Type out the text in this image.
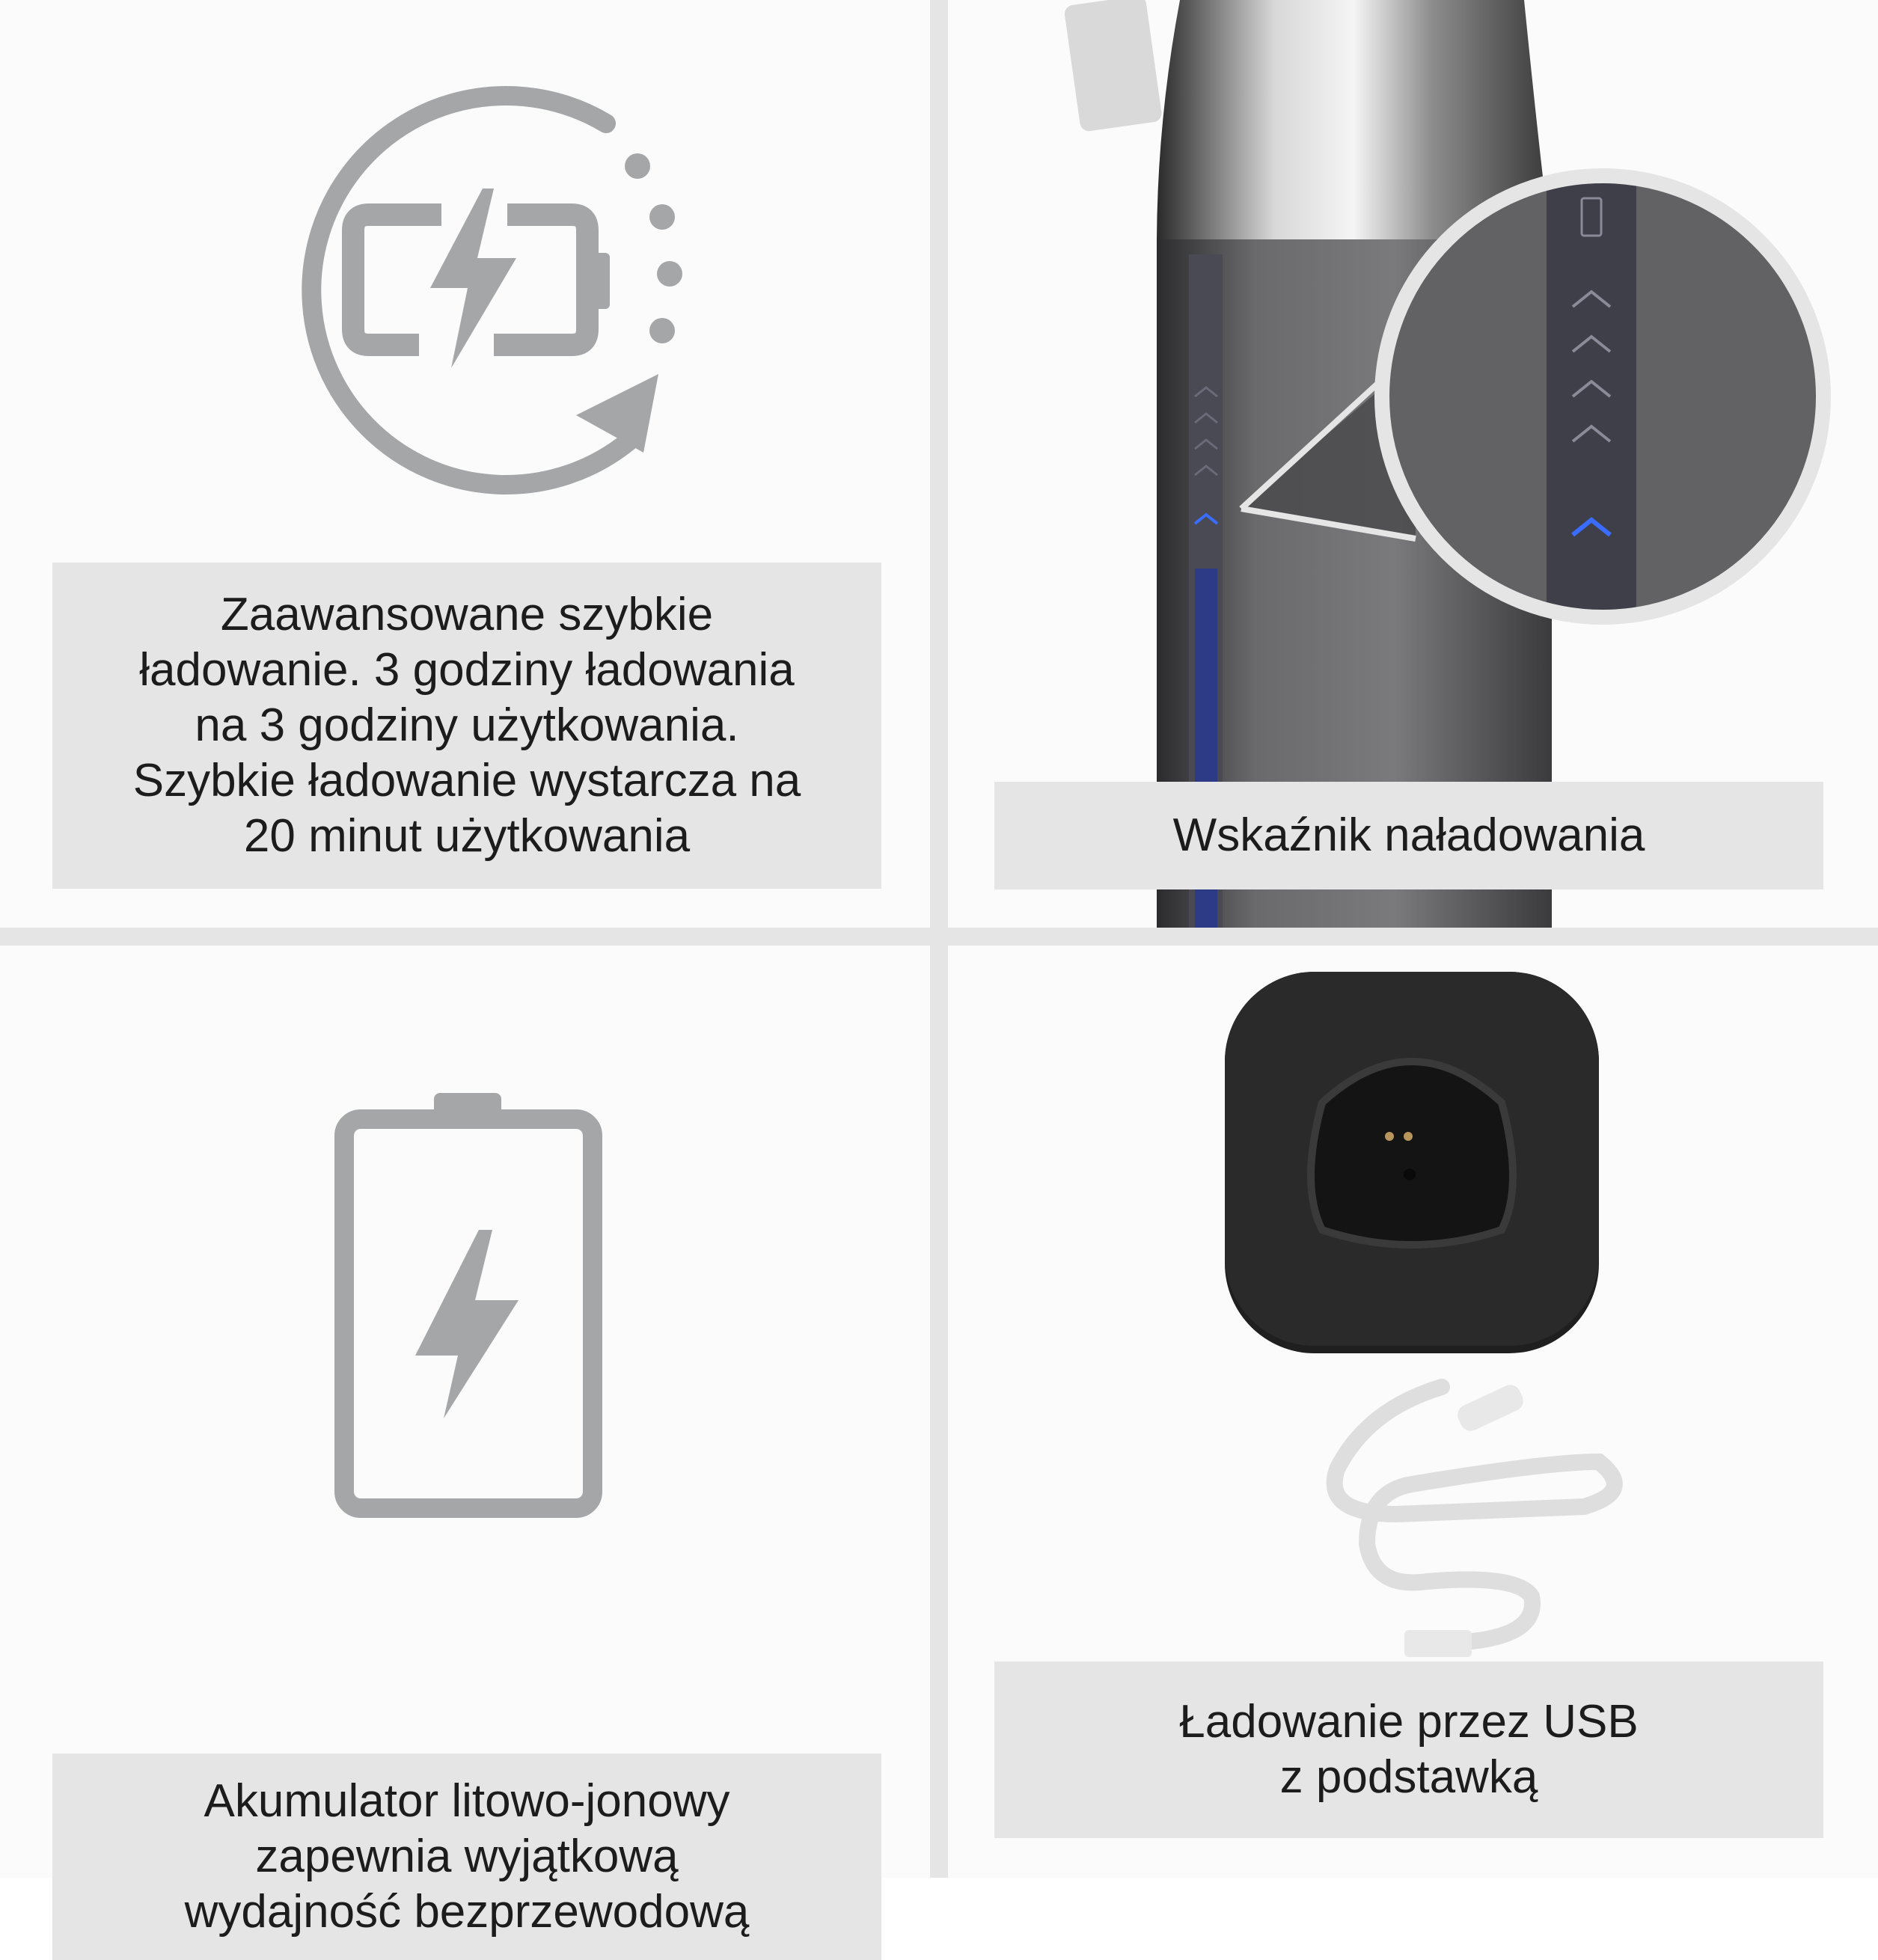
Zaawansowane szybkie
ładowanie. 3 godziny ładowania
na 3 godziny użytkowania.
Szybkie ładowanie wystarcza na
20 minut użytkowania	Wskaźnik naładowania
Akumulator litowo-jonowy
zapewnia wyjątkową
wydajność bezprzewodową
Ładowanie przez USB
z podstawką
